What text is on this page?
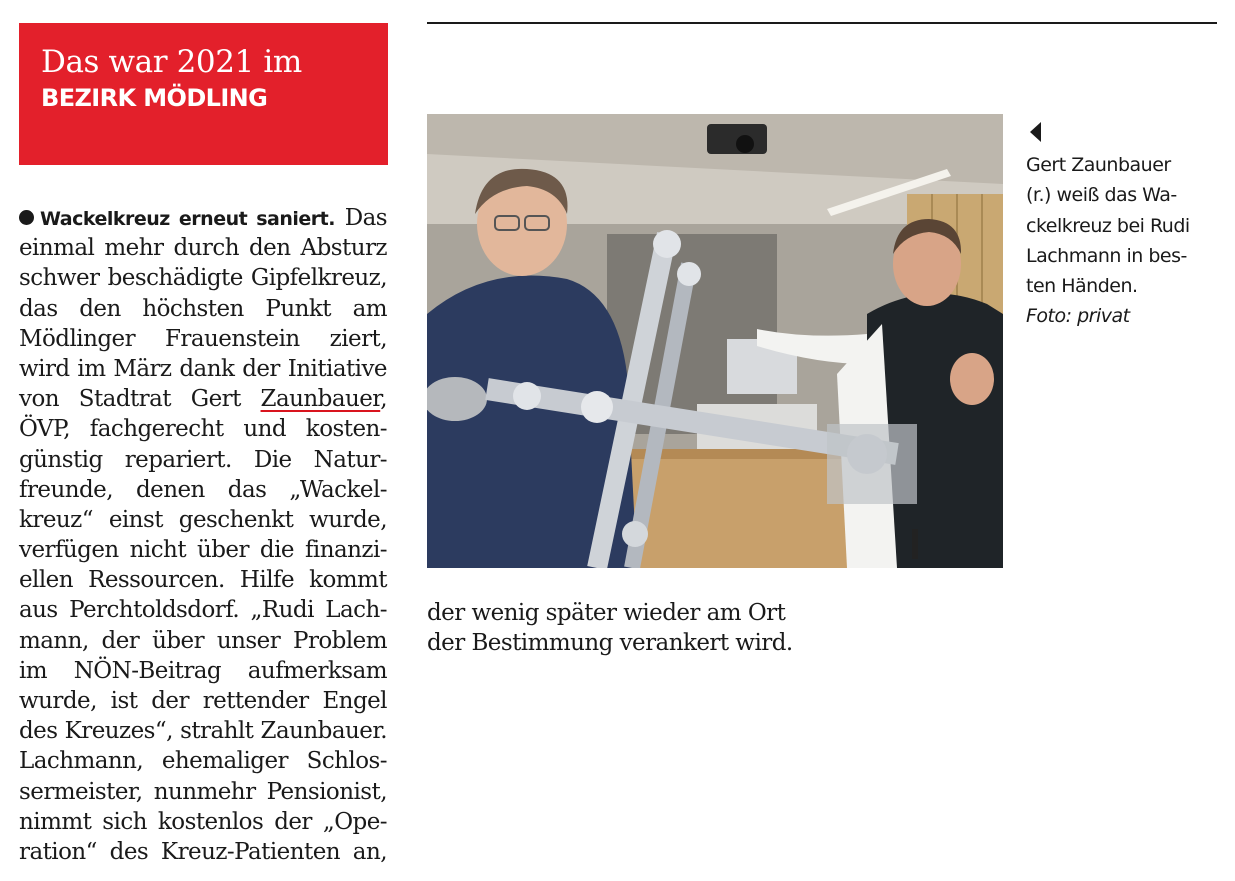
Das war 2021 im
BEZIRK MÖDLING
Wackelkreuz erneut saniert. Das
einmal mehr durch den Absturz
schwer beschädigte Gipfelkreuz,
das den höchsten Punkt am
Mödlinger Frauenstein ziert,
wird im März dank der Initiative
von Stadtrat Gert Zaunbauer,
ÖVP, fachgerecht und kosten-
günstig repariert. Die Natur-
freunde, denen das „Wackel-
kreuz“ einst geschenkt wurde,
verfügen nicht über die finanzi-
ellen Ressourcen. Hilfe kommt
aus Perchtoldsdorf. „Rudi Lach-
mann, der über unser Problem
im NÖN-Beitrag aufmerksam
wurde, ist der rettender Engel
des Kreuzes“, strahlt Zaunbauer.
Lachmann, ehemaliger Schlos-
sermeister, nunmehr Pensionist,
nimmt sich kostenlos der „Ope-
ration“ des Kreuz-Patienten an,
Gert Zaunbauer
(r.) weiß das Wa-
ckelkreuz bei Rudi
Lachmann in bes-
ten Händen.
Foto: privat
der wenig später wieder am Ort
der Bestimmung verankert wird.
